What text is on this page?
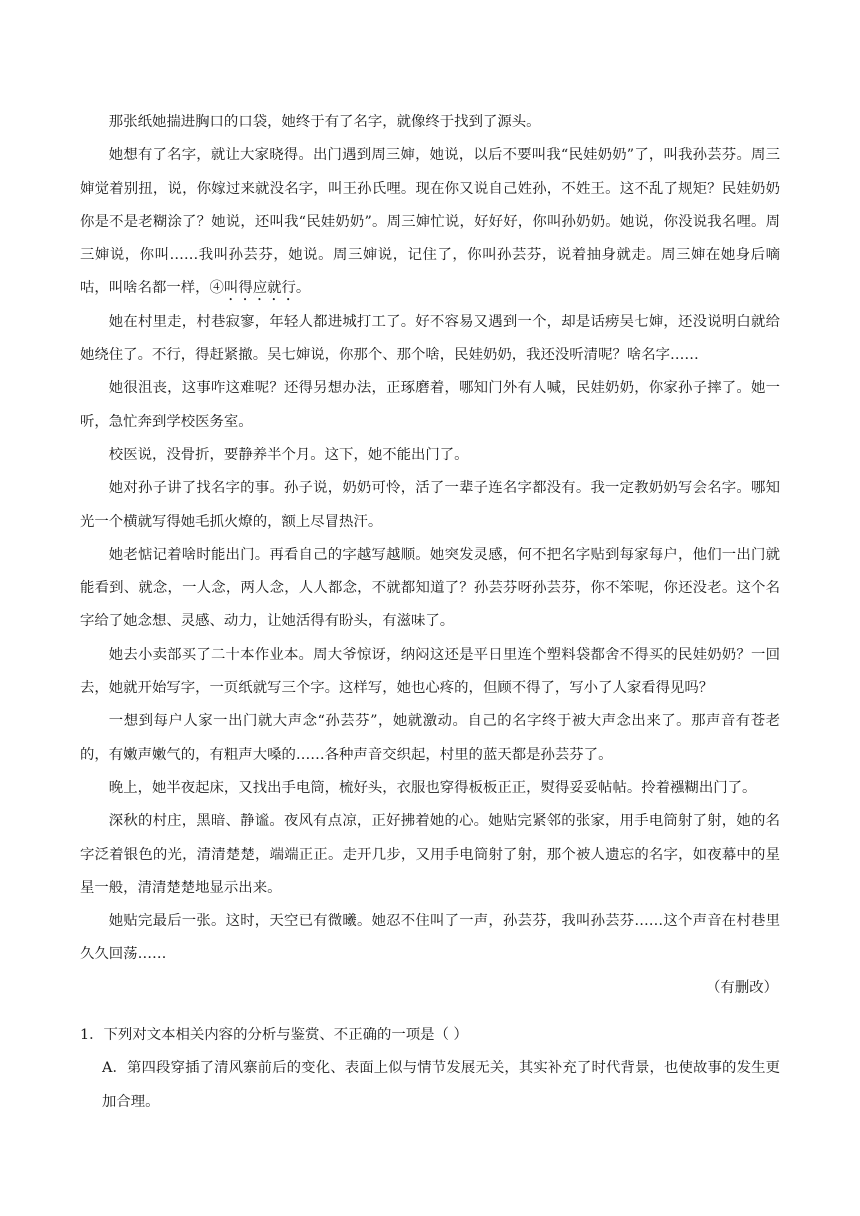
那张纸她揣进胸口的口袋，她终于有了名字，就像终于找到了源头。

她想有了名字，就让大家晓得。出门遇到周三婶，她说，以后不要叫我“民娃奶奶”了，叫我孙芸芬。周三婶觉着别扭，说，你嫁过来就没名字，叫王孙氏哩。现在你又说自己姓孙，不姓王。这不乱了规矩？民娃奶奶你是不是老糊涂了？她说，还叫我“民娃奶奶”。周三婶忙说，好好好，你叫孙奶奶。她说，你没说我名哩。周三婶说，你叫……我叫孙芸芬，她说。周三婶说，记住了，你叫孙芸芬，说着抽身就走。周三婶在她身后嘀咕，叫啥名都一样，④叫得应就行。

她在村里走，村巷寂寥，年轻人都进城打工了。好不容易又遇到一个，却是话痨吴七婶，还没说明白就给她绕住了。不行，得赶紧撤。吴七婶说，你那个、那个啥，民娃奶奶，我还没听清呢？啥名字……

她很沮丧，这事咋这难呢？还得另想办法，正琢磨着，哪知门外有人喊，民娃奶奶，你家孙子摔了。她一听，急忙奔到学校医务室。

校医说，没骨折，要静养半个月。这下，她不能出门了。

她对孙子讲了找名字的事。孙子说，奶奶可怜，活了一辈子连名字都没有。我一定教奶奶写会名字。哪知光一个横就写得她毛抓火燎的，额上尽冒热汗。

她老惦记着啥时能出门。再看自己的字越写越顺。她突发灵感，何不把名字贴到每家每户，他们一出门就能看到、就念，一人念，两人念，人人都念，不就都知道了？孙芸芬呀孙芸芬，你不笨呢，你还没老。这个名字给了她念想、灵感、动力，让她活得有盼头，有滋味了。

她去小卖部买了二十本作业本。周大爷惊讶，纳闷这还是平日里连个塑料袋都舍不得买的民娃奶奶？一回去，她就开始写字，一页纸就写三个字。这样写，她也心疼的，但顾不得了，写小了人家看得见吗？

一想到每户人家一出门就大声念“孙芸芬”，她就激动。自己的名字终于被大声念出来了。那声音有苍老的，有嫩声嫩气的，有粗声大嗓的……各种声音交织起，村里的蓝天都是孙芸芬了。

晚上，她半夜起床，又找出手电筒，梳好头，衣服也穿得板板正正，熨得妥妥帖帖。拎着襁糊出门了。

深秋的村庄，黑暗、静谧。夜风有点凉，正好拂着她的心。她贴完紧邻的张家，用手电筒射了射，她的名字泛着银色的光，清清楚楚，端端正正。走开几步，又用手电筒射了射，那个被人遗忘的名字，如夜幕中的星星一般，清清楚楚地显示出来。

她贴完最后一张。这时，天空已有微曦。她忍不住叫了一声，孙芸芬，我叫孙芸芬……这个声音在村巷里久久回荡……

（有删改）

1．下列对文本相关内容的分析与鉴赏、不正确的一项是（ ）

A．第四段穿插了清风寨前后的变化、表面上似与情节发展无关，其实补充了时代背景，也使故事的发生更加合理。
